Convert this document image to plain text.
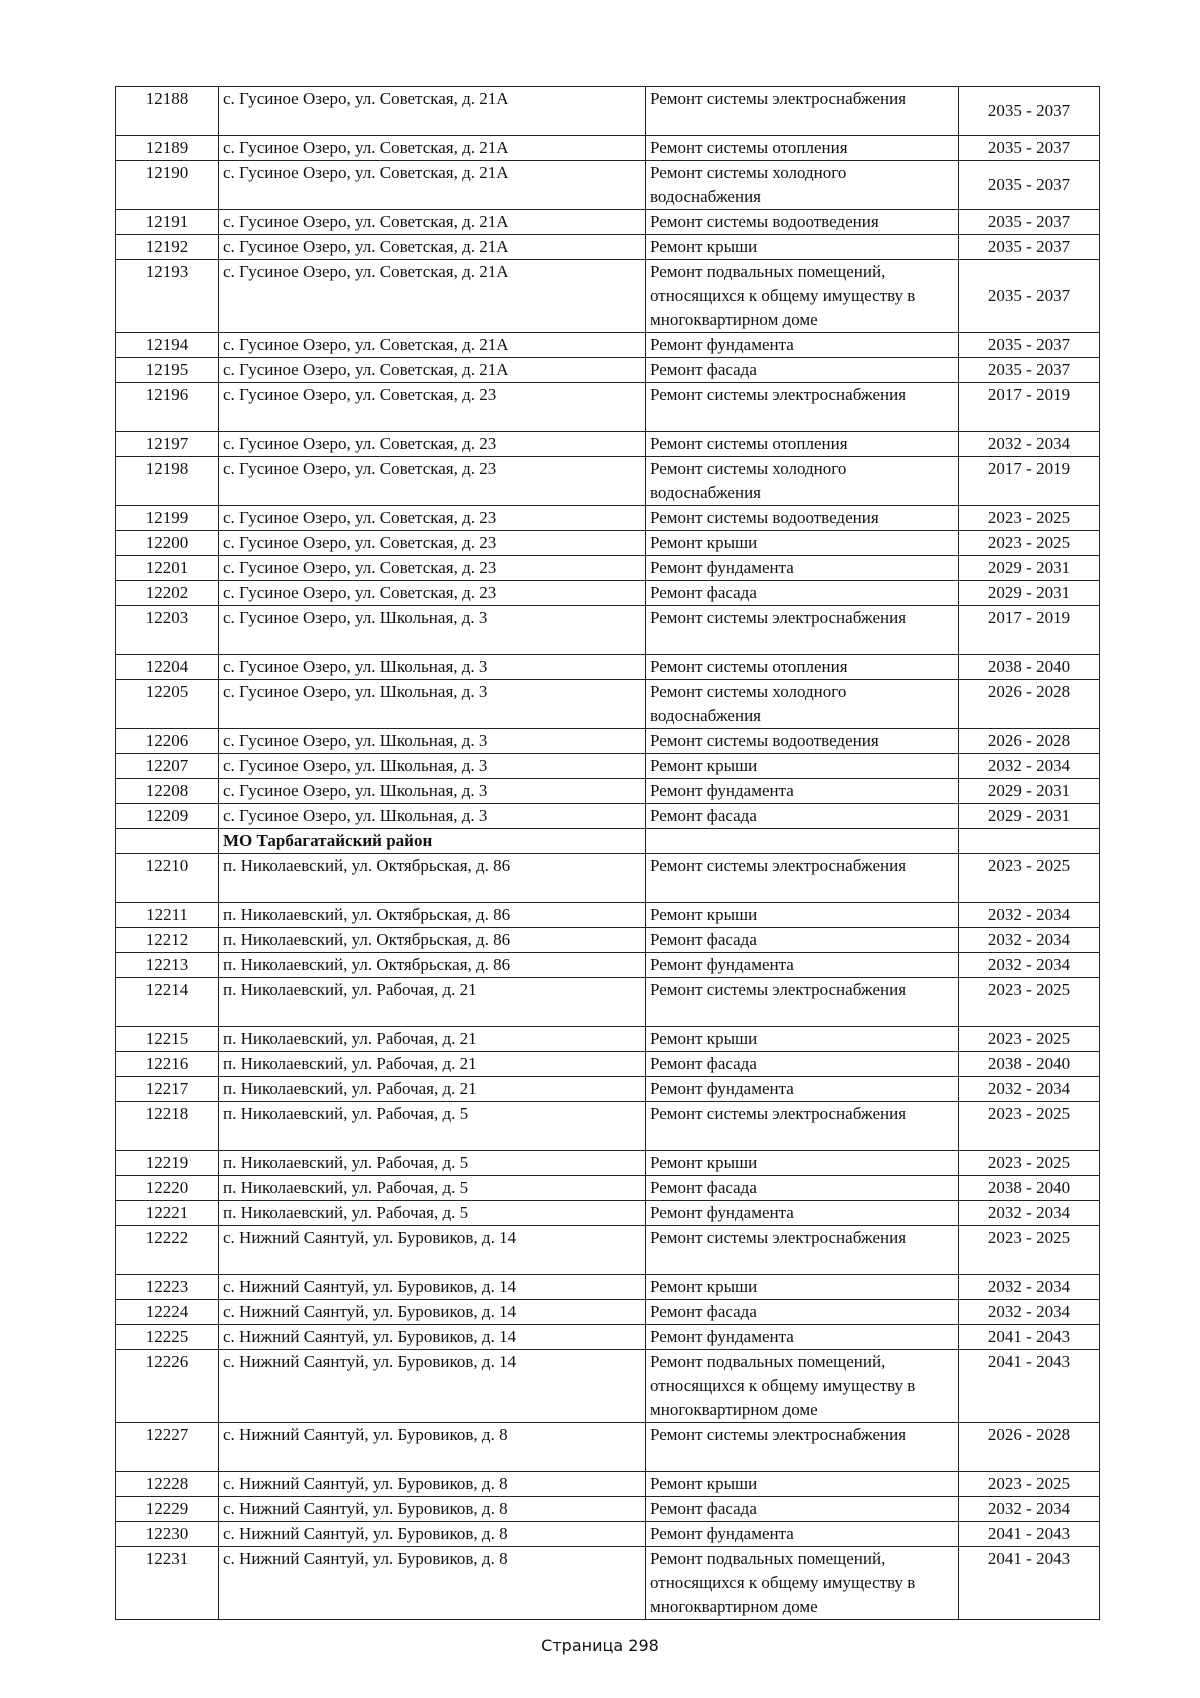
12188	с. Гусиное Озеро, ул. Советская, д. 21А	Ремонт системы электроснабжения	2035 - 2037
12189	с. Гусиное Озеро, ул. Советская, д. 21А	Ремонт системы отопления	2035 - 2037
12190	с. Гусиное Озеро, ул. Советская, д. 21А	Ремонт системы холодного водоснабжения	2035 - 2037
12191	с. Гусиное Озеро, ул. Советская, д. 21А	Ремонт системы водоотведения	2035 - 2037
12192	с. Гусиное Озеро, ул. Советская, д. 21А	Ремонт крыши	2035 - 2037
12193	с. Гусиное Озеро, ул. Советская, д. 21А	Ремонт подвальных помещений, относящихся к общему имуществу в многоквартирном доме	2035 - 2037
12194	с. Гусиное Озеро, ул. Советская, д. 21А	Ремонт фундамента	2035 - 2037
12195	с. Гусиное Озеро, ул. Советская, д. 21А	Ремонт фасада	2035 - 2037
12196	с. Гусиное Озеро, ул. Советская, д. 23	Ремонт системы электроснабжения	2017 - 2019
12197	с. Гусиное Озеро, ул. Советская, д. 23	Ремонт системы отопления	2032 - 2034
12198	с. Гусиное Озеро, ул. Советская, д. 23	Ремонт системы холодного водоснабжения	2017 - 2019
12199	с. Гусиное Озеро, ул. Советская, д. 23	Ремонт системы водоотведения	2023 - 2025
12200	с. Гусиное Озеро, ул. Советская, д. 23	Ремонт крыши	2023 - 2025
12201	с. Гусиное Озеро, ул. Советская, д. 23	Ремонт фундамента	2029 - 2031
12202	с. Гусиное Озеро, ул. Советская, д. 23	Ремонт фасада	2029 - 2031
12203	с. Гусиное Озеро, ул. Школьная, д. 3	Ремонт системы электроснабжения	2017 - 2019
12204	с. Гусиное Озеро, ул. Школьная, д. 3	Ремонт системы отопления	2038 - 2040
12205	с. Гусиное Озеро, ул. Школьная, д. 3	Ремонт системы холодного водоснабжения	2026 - 2028
12206	с. Гусиное Озеро, ул. Школьная, д. 3	Ремонт системы водоотведения	2026 - 2028
12207	с. Гусиное Озеро, ул. Школьная, д. 3	Ремонт крыши	2032 - 2034
12208	с. Гусиное Озеро, ул. Школьная, д. 3	Ремонт фундамента	2029 - 2031
12209	с. Гусиное Озеро, ул. Школьная, д. 3	Ремонт фасада	2029 - 2031
	МО Тарбагатайский район		
12210	п. Николаевский, ул. Октябрьская, д. 86	Ремонт системы электроснабжения	2023 - 2025
12211	п. Николаевский, ул. Октябрьская, д. 86	Ремонт крыши	2032 - 2034
12212	п. Николаевский, ул. Октябрьская, д. 86	Ремонт фасада	2032 - 2034
12213	п. Николаевский, ул. Октябрьская, д. 86	Ремонт фундамента	2032 - 2034
12214	п. Николаевский, ул. Рабочая, д. 21	Ремонт системы электроснабжения	2023 - 2025
12215	п. Николаевский, ул. Рабочая, д. 21	Ремонт крыши	2023 - 2025
12216	п. Николаевский, ул. Рабочая, д. 21	Ремонт фасада	2038 - 2040
12217	п. Николаевский, ул. Рабочая, д. 21	Ремонт фундамента	2032 - 2034
12218	п. Николаевский, ул. Рабочая, д. 5	Ремонт системы электроснабжения	2023 - 2025
12219	п. Николаевский, ул. Рабочая, д. 5	Ремонт крыши	2023 - 2025
12220	п. Николаевский, ул. Рабочая, д. 5	Ремонт фасада	2038 - 2040
12221	п. Николаевский, ул. Рабочая, д. 5	Ремонт фундамента	2032 - 2034
12222	с. Нижний Саянтуй, ул. Буровиков, д. 14	Ремонт системы электроснабжения	2023 - 2025
12223	с. Нижний Саянтуй, ул. Буровиков, д. 14	Ремонт крыши	2032 - 2034
12224	с. Нижний Саянтуй, ул. Буровиков, д. 14	Ремонт фасада	2032 - 2034
12225	с. Нижний Саянтуй, ул. Буровиков, д. 14	Ремонт фундамента	2041 - 2043
12226	с. Нижний Саянтуй, ул. Буровиков, д. 14	Ремонт подвальных помещений, относящихся к общему имуществу в многоквартирном доме	2041 - 2043
12227	с. Нижний Саянтуй, ул. Буровиков, д. 8	Ремонт системы электроснабжения	2026 - 2028
12228	с. Нижний Саянтуй, ул. Буровиков, д. 8	Ремонт крыши	2023 - 2025
12229	с. Нижний Саянтуй, ул. Буровиков, д. 8	Ремонт фасада	2032 - 2034
12230	с. Нижний Саянтуй, ул. Буровиков, д. 8	Ремонт фундамента	2041 - 2043
12231	с. Нижний Саянтуй, ул. Буровиков, д. 8	Ремонт подвальных помещений, относящихся к общему имуществу в многоквартирном доме	2041 - 2043
Страница 298
